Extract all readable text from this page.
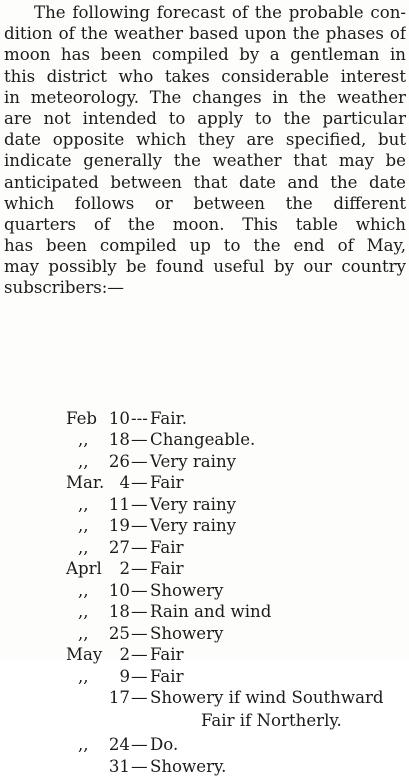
The following forecast of the probable con-
dition of the weather based upon the phases of
moon has been compiled by a gentleman in
this district who takes considerable interest
in meteorology. The changes in the weather
are not intended to apply to the particular
date opposite which they are specified, but
indicate generally the weather that may be
anticipated between that date and the date
which follows or between the different
quarters of the moon. This table which
has been compiled up to the end of May,
may possibly be found useful by our country
subscribers:—
Feb 10 --- Fair.
,,	18 — Changeable.
,,	26 — Very rainy
Mar. 4 — Fair
,,	11 — Very rainy
,,	19 — Very rainy
,,	27 — Fair
Aprl	2 — Fair
,,	10 — Showery
,,	18 — Rain and wind
,,	25 — Showery
May	2 — Fair
,,	9 — Fair
17 — Showery if wind Southward
Fair if Northerly.
,,	24 — Do.
31 — Showery.
